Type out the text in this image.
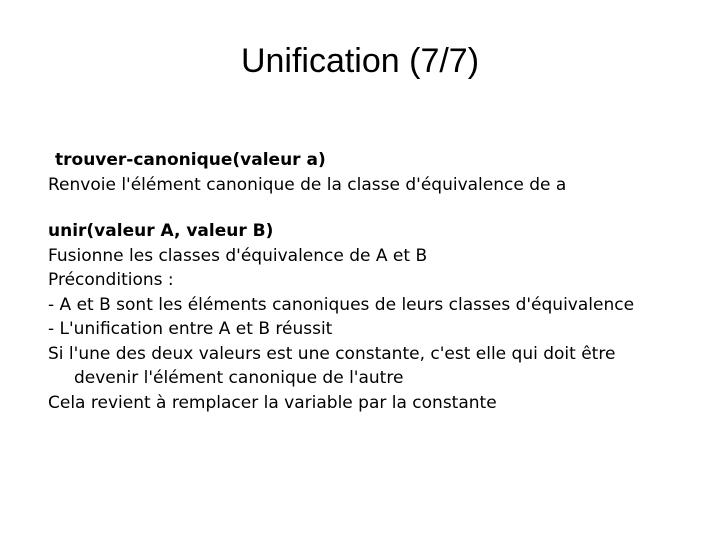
Unification (7/7)
trouver-canonique(valeur a)
Renvoie l'élément canonique de la classe d'équivalence de a
unir(valeur A, valeur B)
Fusionne les classes d'équivalence de A et B
Préconditions :
- A et B sont les éléments canoniques de leurs classes d'équivalence
- L'unification entre A et B réussit
Si l'une des deux valeurs est une constante, c'est elle qui doit être
devenir l'élément canonique de l'autre
Cela revient à remplacer la variable par la constante
